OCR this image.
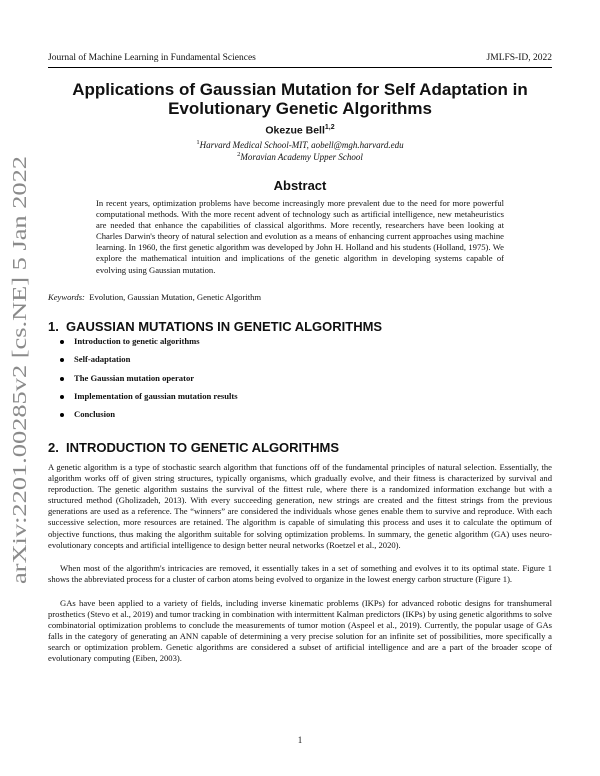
Journal of Machine Learning in Fundamental Sciences	JMLFS-ID, 2022
arXiv:2201.00285v2 [cs.NE] 5 Jan 2022
Applications of Gaussian Mutation for Self Adaptation in
Evolutionary Genetic Algorithms
Okezue Bell$^{1,2}$
$^1$Harvard Medical School-MIT, aobell@mgh.harvard.edu
$^2$Moravian Academy Upper School
Abstract

In recent years, optimization problems have become increasingly more prevalent due to the need for more powerful computational methods. With the more recent advent of technology such as artificial intelligence, new metaheuristics are needed that enhance the capabilities of classical algorithms. More recently, researchers have been looking at Charles Darwin's theory of natural selection and evolution as a means of enhancing current approaches using machine learning. In 1960, the first genetic algorithm was developed by John H. Holland and his students (Holland, 1975). We explore the mathematical intuition and implications of the genetic algorithm in developing systems capable of evolving using Gaussian mutation.

Keywords: Evolution, Gaussian Mutation, Genetic Algorithm
1. GAUSSIAN MUTATIONS IN GENETIC ALGORITHMS
Introduction to genetic algorithms
Self-adaptation
The Gaussian mutation operator
Implementation of gaussian mutation results
Conclusion
2. INTRODUCTION TO GENETIC ALGORITHMS

A genetic algorithm is a type of stochastic search algorithm that functions off of the fundamental principles of natural selection. Essentially, the algorithm works off of given string structures, typically organisms, which gradually evolve, and their fitness is characterized by survival and reproduction. The genetic algorithm sustains the survival of the fittest rule, where there is a randomized information exchange but with a structured method (Gholizadeh, 2013). With every succeeding generation, new strings are created and the fittest strings from the previous generations are used as a reference. The “winners” are considered the individuals whose genes enable them to survive and reproduce. With each successive selection, more resources are retained. The algorithm is capable of simulating this process and uses it to calculate the optimum of objective functions, thus making the algorithm suitable for solving optimization problems. In summary, the genetic algorithm (GA) uses neuro-evolutionary concepts and artificial intelligence to design better neural networks (Roetzel et al., 2020).

When most of the algorithm's intricacies are removed, it essentially takes in a set of something and evolves it to its optimal state. Figure 1 shows the abbreviated process for a cluster of carbon atoms being evolved to organize in the lowest energy carbon structure (Figure 1).

GAs have been applied to a variety of fields, including inverse kinematic problems (IKPs) for advanced robotic designs for transhumeral prosthetics (Stevo et al., 2019) and tumor tracking in combination with intermittent Kalman predictors (IKPs) by using genetic algorithms to solve combinatorial optimization problems to conclude the measurements of tumor motion (Aspeel et al., 2019). Currently, the popular usage of GAs falls in the category of generating an ANN capable of determining a very precise solution for an infinite set of possibilities, more specifically a search or optimization problem. Genetic algorithms are considered a subset of artificial intelligence and are a part of the broader scope of evolutionary computing (Eiben, 2003).

1
